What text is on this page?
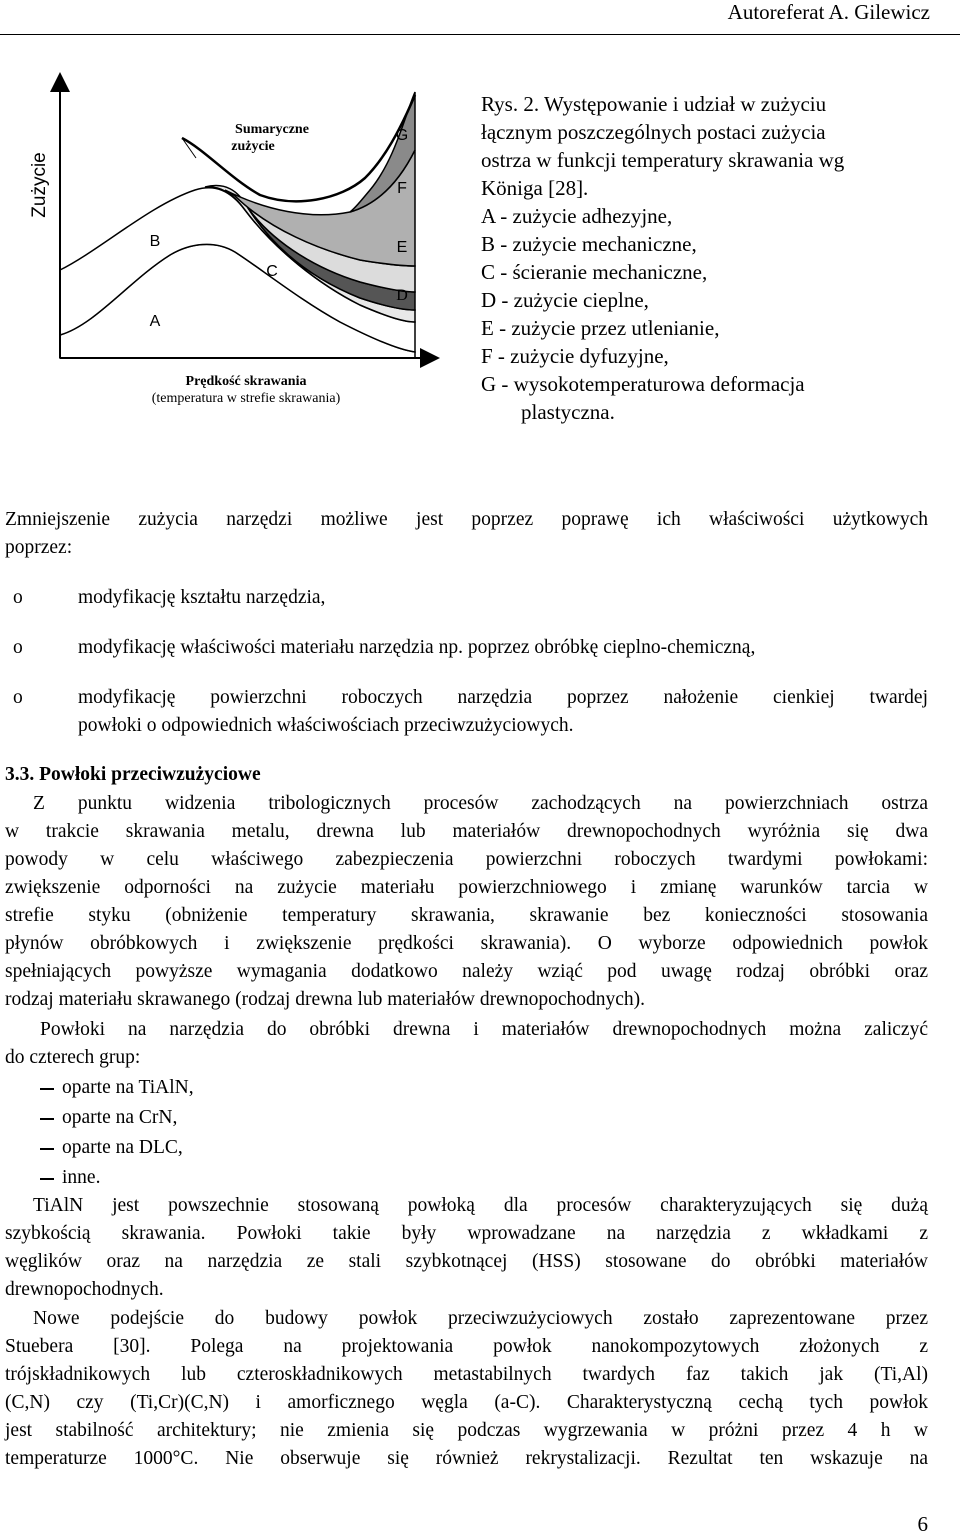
Autoreferat A. Gilewicz
Zużycie
Sumaryczne
zużycie
G
F
E
D
C
B
A
Prędkość skrawania
(temperatura w strefie skrawania)
Rys. 2. Występowanie i udział w zużyciu
łącznym poszczególnych postaci zużycia
ostrza w funkcji temperatury skrawania wg
Königa [28].
A - zużycie adhezyjne,
B - zużycie mechaniczne,
C - ścieranie mechaniczne,
D - zużycie cieplne,
E - zużycie przez utlenianie,
F - zużycie dyfuzyjne,
G - wysokotemperaturowa deformacja
plastyczna.
Zmniejszenie zużycia narzędzi możliwe jest poprzez poprawę ich właściwości użytkowych
poprzez:
o	modyfikację kształtu narzędzia,
o	modyfikację właściwości materiału narzędzia np. poprzez obróbkę cieplno-chemiczną,
o	modyfikację powierzchni roboczych narzędzia poprzez nałożenie cienkiej twardej
powłoki o odpowiednich właściwościach przeciwzużyciowych.
3.3. Powłoki przeciwzużyciowe
Z punktu widzenia tribologicznych procesów zachodzących na powierzchniach ostrza
w trakcie skrawania metalu, drewna lub materiałów drewnopochodnych wyróżnia się dwa
powody w celu właściwego zabezpieczenia powierzchni roboczych twardymi powłokami:
zwiększenie odporności na zużycie materiału powierzchniowego i zmianę warunków tarcia w
strefie styku (obniżenie temperatury skrawania, skrawanie bez konieczności stosowania
płynów obróbkowych i zwiększenie prędkości skrawania). O wyborze odpowiednich powłok
spełniających powyższe wymagania dodatkowo należy wziąć pod uwagę rodzaj obróbki oraz
rodzaj materiału skrawanego (rodzaj drewna lub materiałów drewnopochodnych).
Powłoki na narzędzia do obróbki drewna i materiałów drewnopochodnych można zaliczyć
do czterech grup:
oparte na TiAlN,
oparte na CrN,
oparte na DLC,
inne.
TiAlN jest powszechnie stosowaną powłoką dla procesów charakteryzujących się dużą
szybkością skrawania. Powłoki takie były wprowadzane na narzędzia z wkładkami z
węglików oraz na narzędzia ze stali szybkotnącej (HSS) stosowane do obróbki materiałów
drewnopochodnych.
Nowe podejście do budowy powłok przeciwzużyciowych zostało zaprezentowane przez
Stuebera [30]. Polega na projektowania powłok nanokompozytowych złożonych z
trójskładnikowych lub czteroskładnikowych metastabilnych twardych faz takich jak (Ti,Al)
(C,N) czy (Ti,Cr)(C,N) i amorficznego węgla (a-C). Charakterystyczną cechą tych powłok
jest stabilność architektury; nie zmienia się podczas wygrzewania w próżni przez 4 h w
temperaturze 1000°C. Nie obserwuje się również rekrystalizacji. Rezultat ten wskazuje na
6
